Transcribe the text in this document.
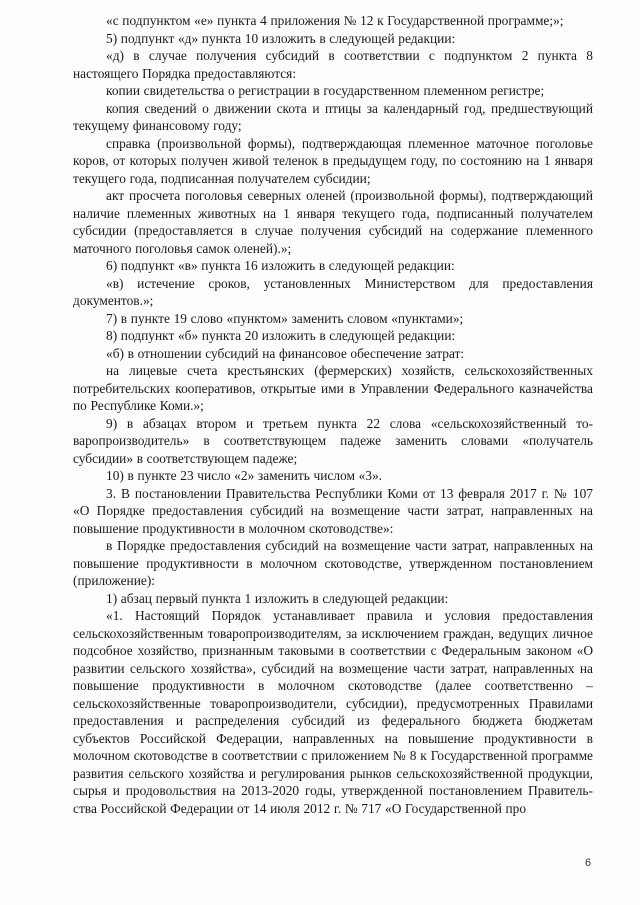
«с подпунктом «е» пункта 4 приложения № 12 к Государственной программе;»;

5) подпункт «д» пункта 10 изложить в следующей редакции:

«д) в случае получения субсидий в соответствии с подпунктом 2 пункта 8 настоящего Порядка предоставляются:

копии свидетельства о регистрации в государственном племенном регистре;

копия сведений о движении скота и птицы за календарный год, предшествующий текущему финансовому году;

справка (произвольной формы), подтверждающая племенное маточное поголовье коров, от которых получен живой теленок в предыдущем году, по состоянию на 1 января текущего года, подписанная получателем субсидии;

акт просчета поголовья северных оленей (произвольной формы), подтверждающий наличие племенных животных на 1 января текущего года, подписанный получателем субсидии (предоставляется в случае получения субсидий на содержание племенного маточного поголовья самок оленей).»;

6) подпункт «в» пункта 16 изложить в следующей редакции:

«в) истечение сроков, установленных Министерством для предоставления документов.»;

7) в пункте 19 слово «пунктом» заменить словом «пунктами»;

8) подпункт «б» пункта 20 изложить в следующей редакции:

«б) в отношении субсидий на финансовое обеспечение затрат:

на лицевые счета крестьянских (фермерских) хозяйств, сельскохозяйственных потребительских кооперативов, открытые ими в Управлении Федерального казначейства по Республике Коми.»;

9) в абзацах втором и третьем пункта 22 слова «сельскохозяйственный товаропроизводитель» в соответствующем падеже заменить словами «получатель субсидии» в соответствующем падеже;

10) в пункте 23 число «2» заменить числом «3».

3. В постановлении Правительства Республики Коми от 13 февраля 2017 г. № 107 «О Порядке предоставления субсидий на возмещение части затрат, направленных на повышение продуктивности в молочном скотоводстве»:

в Порядке предоставления субсидий на возмещение части затрат, направленных на повышение продуктивности в молочном скотоводстве, утвержденном постановлением (приложение):

1) абзац первый пункта 1 изложить в следующей редакции:

«1. Настоящий Порядок устанавливает правила и условия предоставления сельскохозяйственным товаропроизводителям, за исключением граждан, ведущих личное подсобное хозяйство, признанным таковыми в соответствии с Федеральным законом «О развитии сельского хозяйства», субсидий на возмещение части затрат, направленных на повышение продуктивности в молочном скотоводстве (далее соответственно – сельскохозяйственные товаропроизводители, субсидии), предусмотренных Правилами предоставления и распределения субсидий из федерального бюджета бюджетам субъектов Российской Федерации, направленных на повышение продуктивности в молочном скотоводстве в соответствии с приложением № 8 к Государственной программе развития сельского хозяйства и регулирования рынков сельскохозяйственной продукции, сырья и продовольствия на 2013-2020 годы, утвержденной постановлением Правительства Российской Федерации от 14 июля 2012 г. № 717 «О Государственной про

6
